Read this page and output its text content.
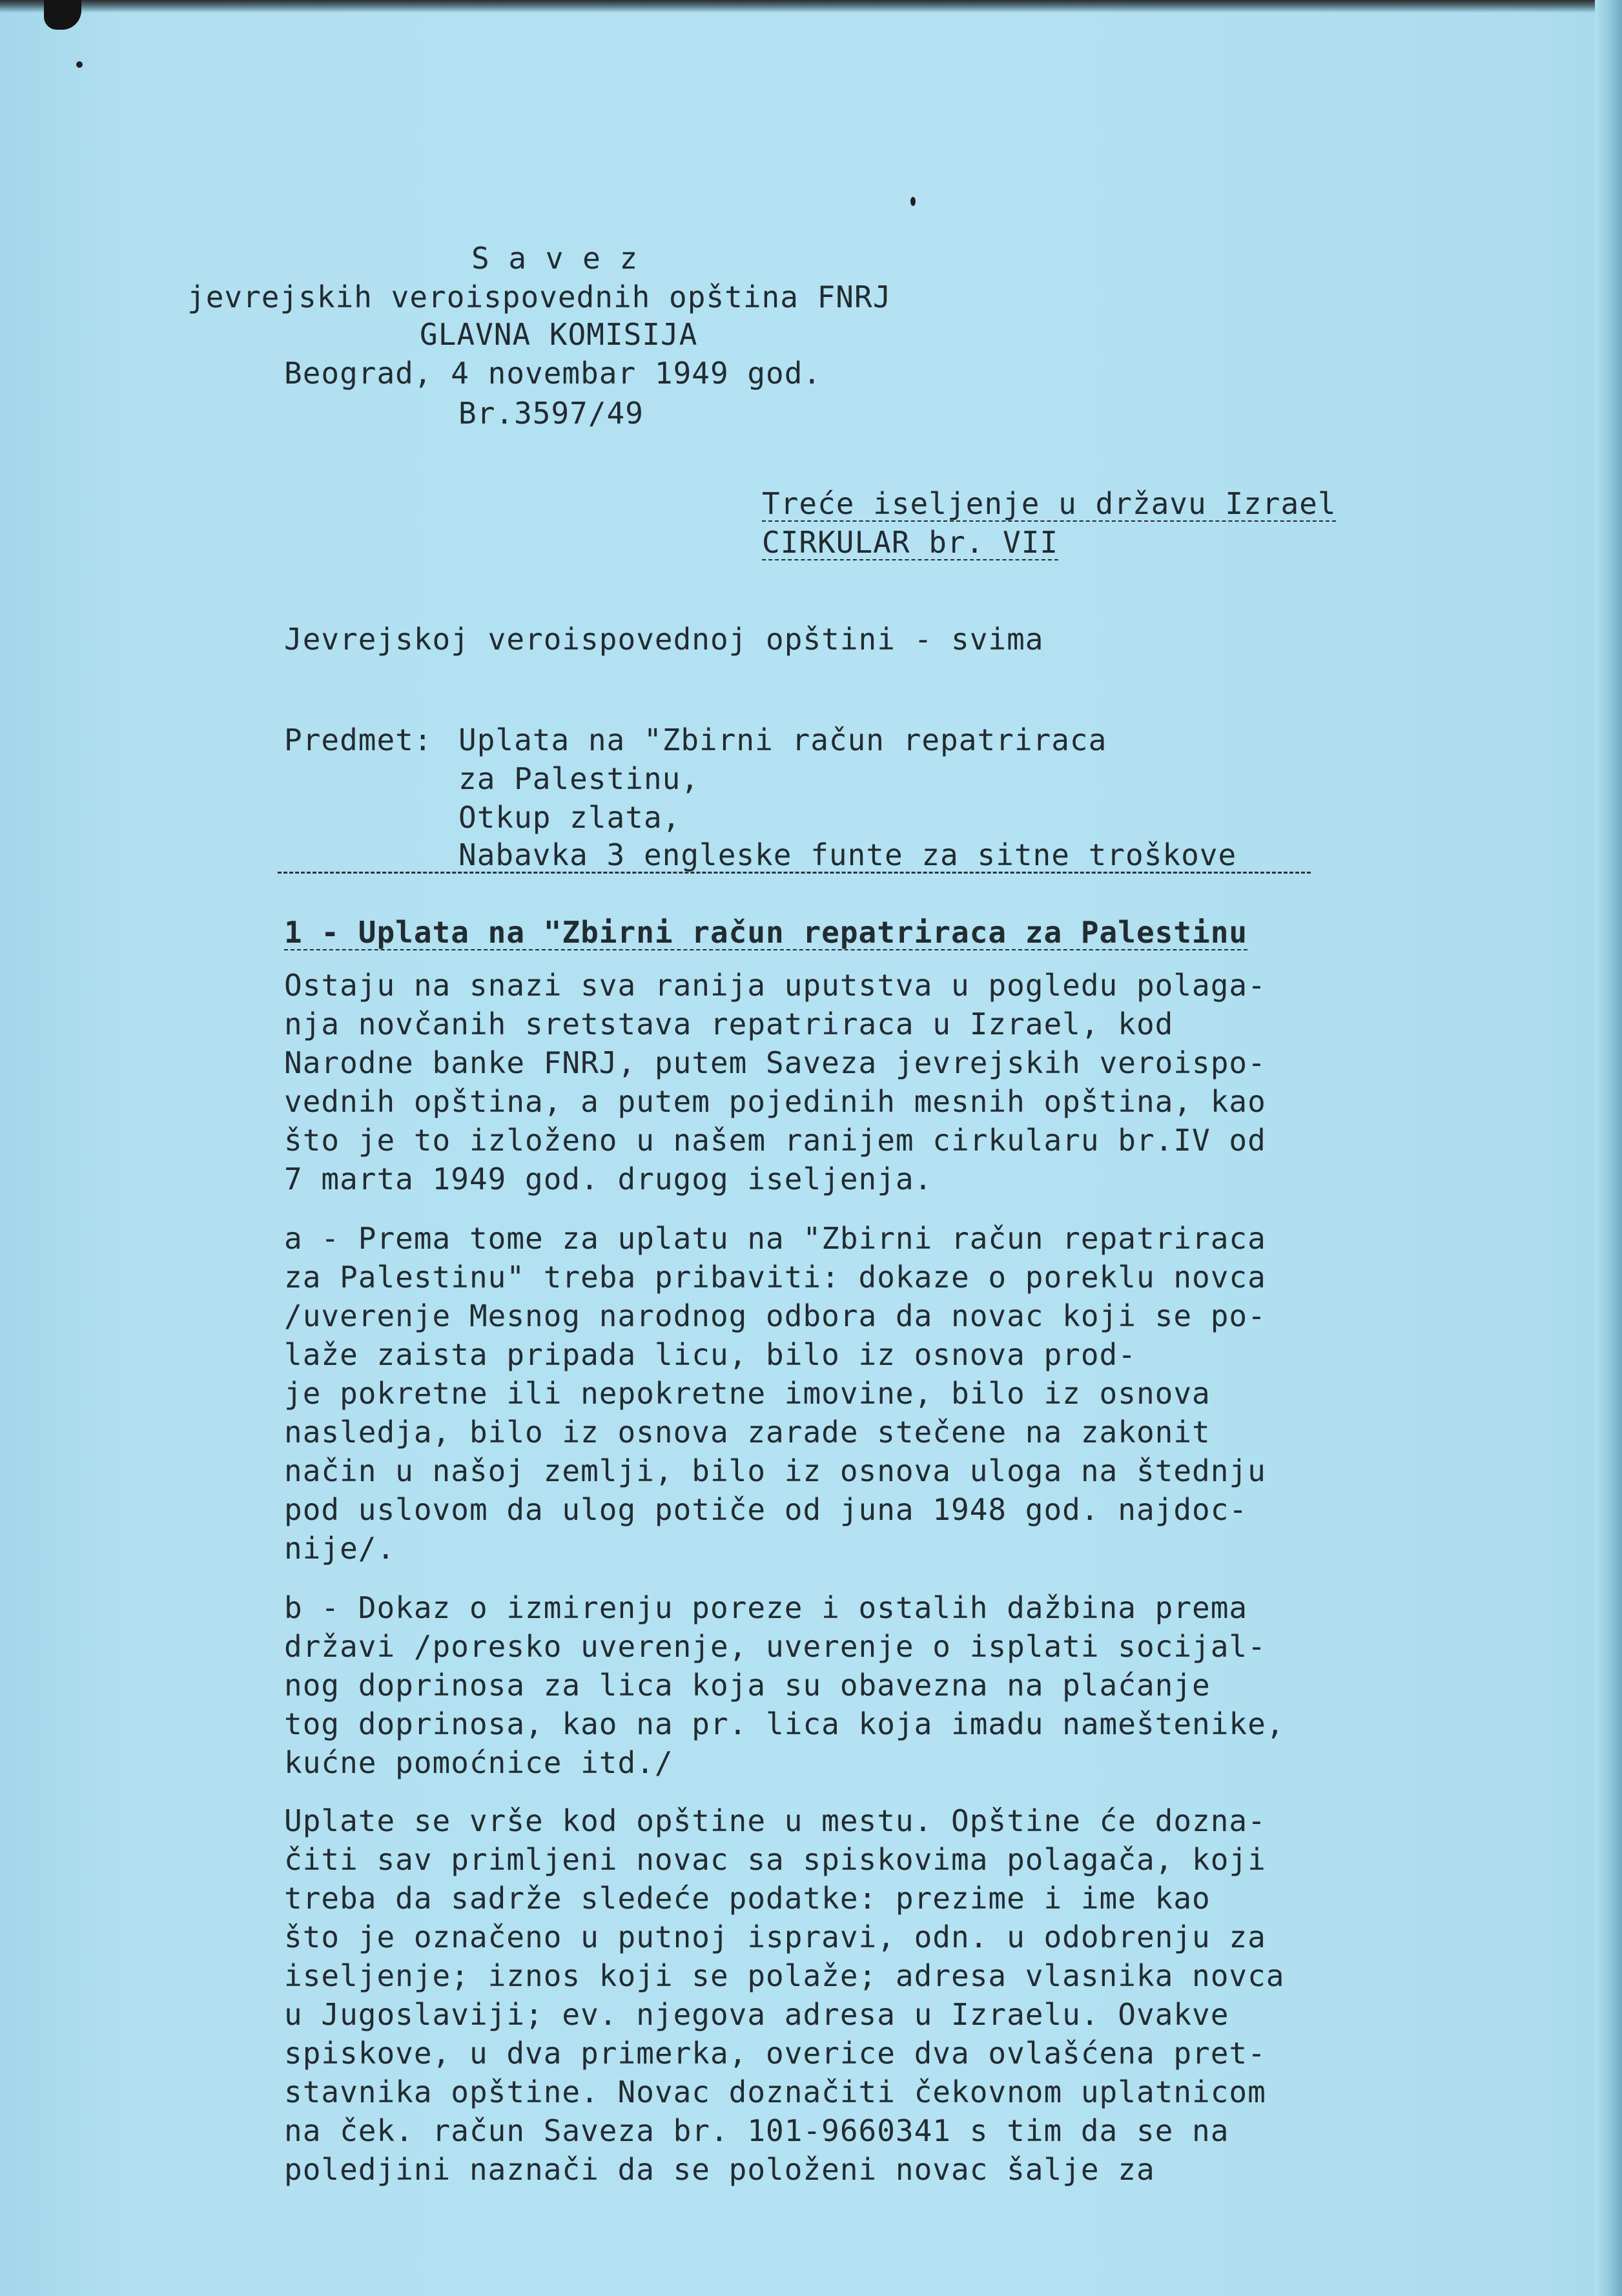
S a v e z
jevrejskih veroispovednih opština FNRJ
GLAVNA KOMISIJA
Beograd, 4 novembar 1949 god.
Br.3597/49
Treće iseljenje u državu Izrael
CIRKULAR br. VII
Jevrejskoj veroispovednoj opštini - svima
Predmet: Uplata na "Zbirni račun repatriraca
za Palestinu,
Otkup zlata,
Nabavka 3 engleske funte za sitne troškove
1 - Uplata na "Zbirni račun repatriraca za Palestinu
Ostaju na snazi sva ranija uputstva u pogledu polaga-
nja novčanih sretstava repatriraca u Izrael, kod
Narodne banke FNRJ, putem Saveza jevrejskih veroispo-
vednih opština, a putem pojedinih mesnih opština, kao
što je to izloženo u našem ranijem cirkularu br.IV od
7 marta 1949 god. drugog iseljenja.
a - Prema tome za uplatu na "Zbirni račun repatriraca
za Palestinu" treba pribaviti: dokaze o poreklu novca
/uverenje Mesnog narodnog odbora da novac koji se po-
laže zaista pripada licu, bilo iz osnova prod-
je pokretne ili nepokretne imovine, bilo iz osnova
nasledja, bilo iz osnova zarade stečene na zakonit
način u našoj zemlji, bilo iz osnova uloga na štednju
pod uslovom da ulog potiče od juna 1948 god. najdoc-
nije/.
b - Dokaz o izmirenju poreze i ostalih dažbina prema
državi /poresko uverenje, uverenje o isplati socijal-
nog doprinosa za lica koja su obavezna na plaćanje
tog doprinosa, kao na pr. lica koja imadu nameštenike,
kućne pomoćnice itd./
Uplate se vrše kod opštine u mestu. Opštine će dozna-
čiti sav primljeni novac sa spiskovima polagača, koji
treba da sadrže sledeće podatke: prezime i ime kao
što je označeno u putnoj ispravi, odn. u odobrenju za
iseljenje; iznos koji se polaže; adresa vlasnika novca
u Jugoslaviji; ev. njegova adresa u Izraelu. Ovakve
spiskove, u dva primerka, overice dva ovlašćena pret-
stavnika opštine. Novac doznačiti čekovnom uplatnicom
na ček. račun Saveza br. 101-9660341 s tim da se na
poledjini naznači da se položeni novac šalje za
